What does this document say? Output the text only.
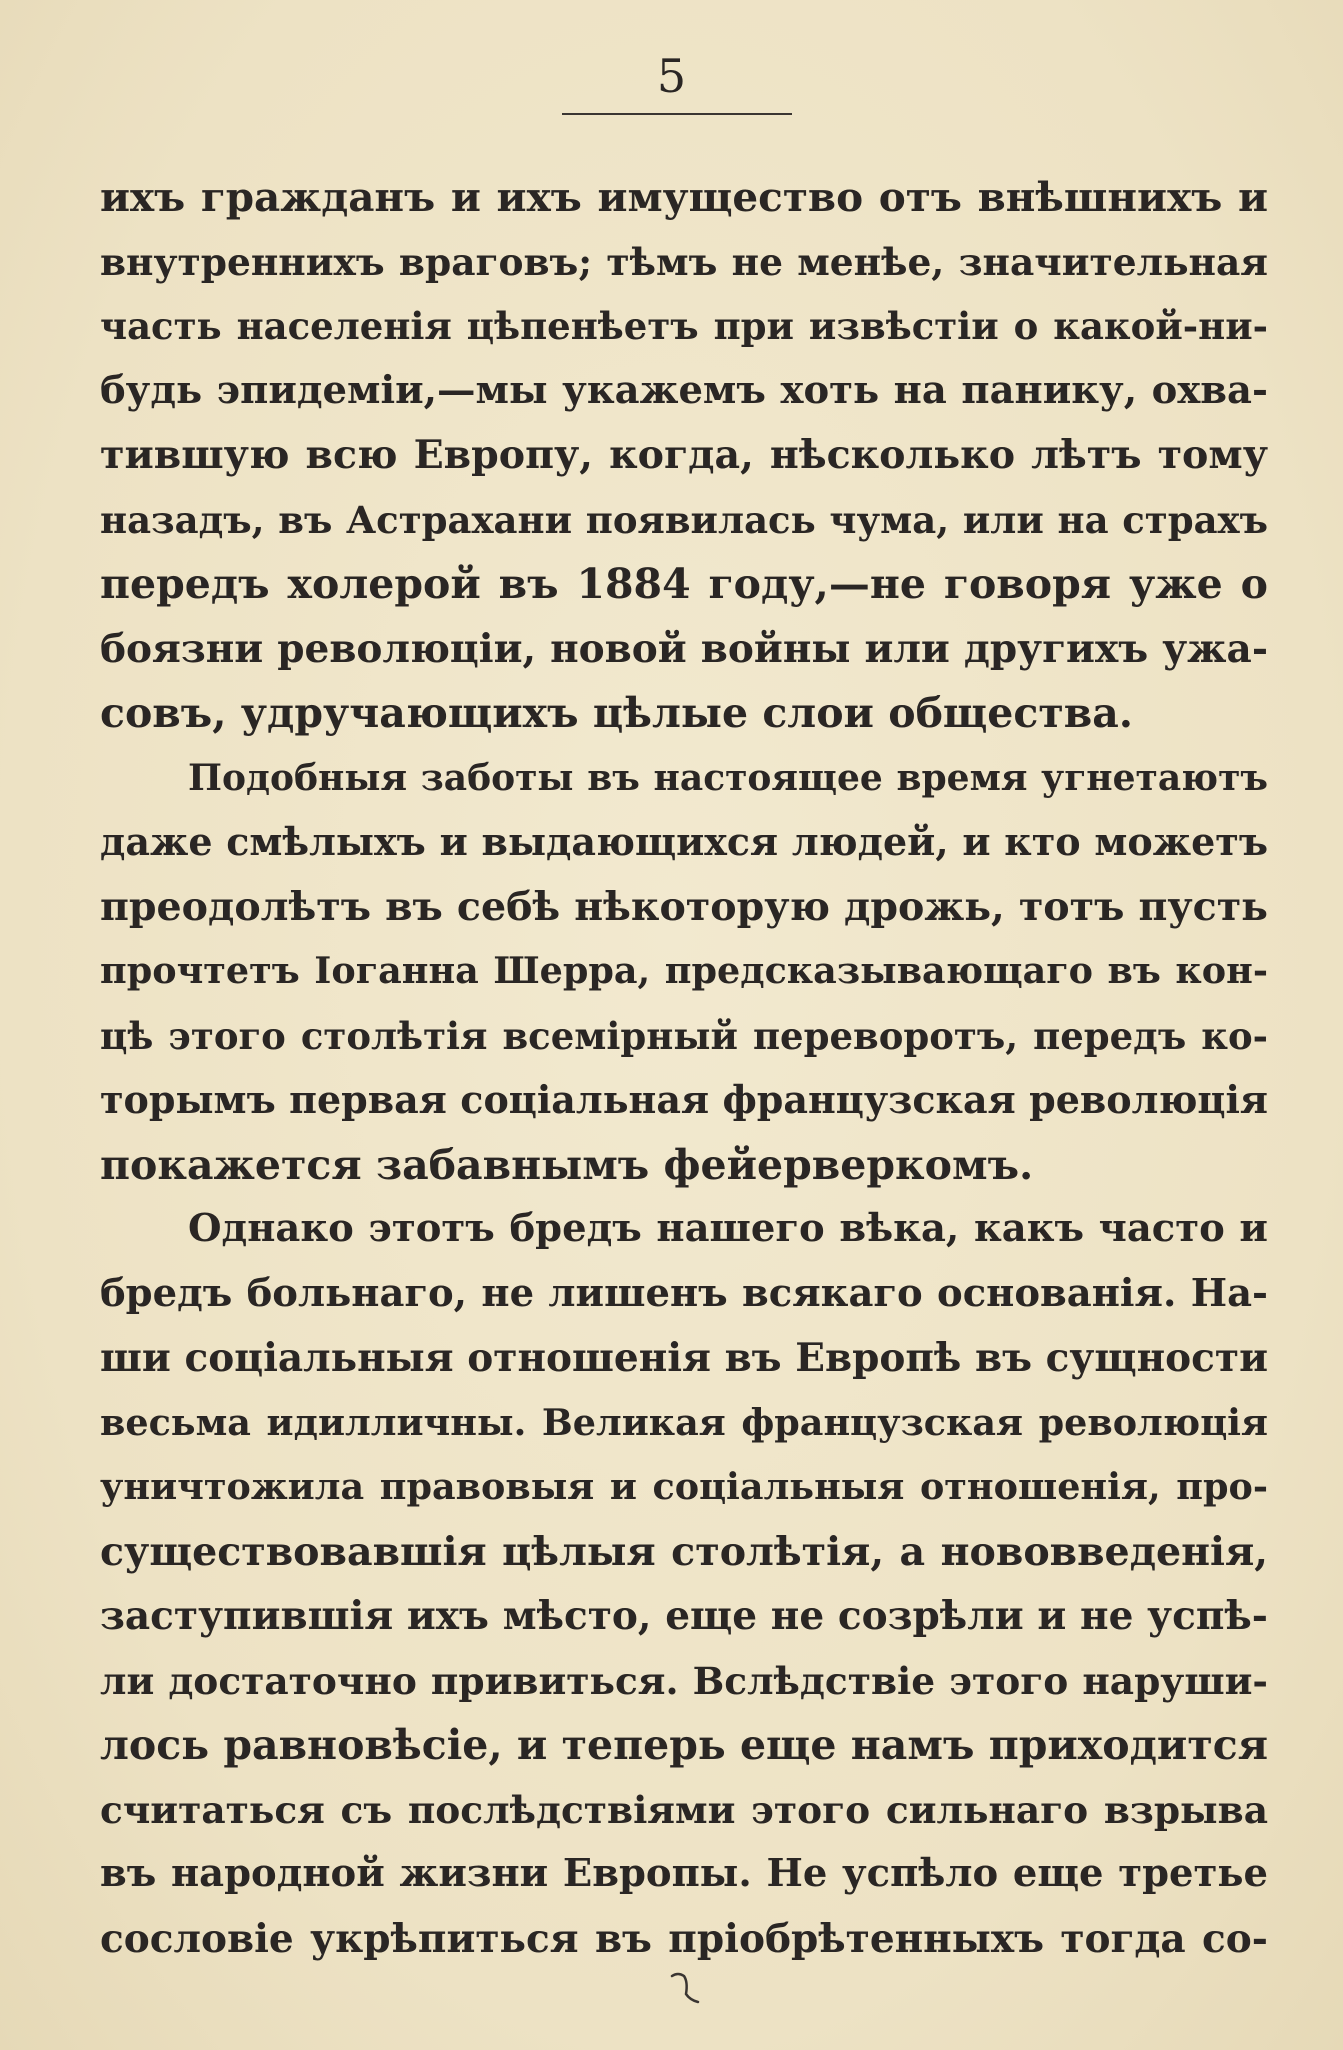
5
ихъ гражданъ и ихъ имущество отъ внѣшнихъ и
внутреннихъ враговъ; тѣмъ не менѣе, значительная
часть населенія цѣпенѣетъ при извѣстіи о какой-ни-
будь эпидеміи,—мы укажемъ хоть на панику, охва-
тившую всю Европу, когда, нѣсколько лѣтъ тому
назадъ, въ Астрахани появилась чума, или на страхъ
передъ холерой въ 1884 году,—не говоря уже о
боязни революціи, новой войны или другихъ ужа-
совъ, удручающихъ цѣлые слои общества.
Подобныя заботы въ настоящее время угнетаютъ
даже смѣлыхъ и выдающихся людей, и кто можетъ
преодолѣтъ въ себѣ нѣкоторую дрожь, тотъ пусть
прочтетъ Іоганна Шерра, предсказывающаго въ кон-
цѣ этого столѣтія всеміpный переворотъ, передъ ко-
торымъ первая соціальная французская революція
покажется забавнымъ фейерверкомъ.
Однако этотъ бредъ нашего вѣка, какъ часто и
бредъ больнаго, не лишенъ всякаго основанія. На-
ши соціальныя отношенія въ Европѣ въ сущности
весьма идилличны. Великая французская революція
уничтожила правовыя и соціальныя отношенія, про-
существовавшія цѣлыя столѣтія, а нововведенія,
заступившія ихъ мѣсто, еще не созрѣли и не успѣ-
ли достаточно привиться. Вслѣдствіе этого наруши-
лось равновѣсіе, и теперь еще намъ приходится
считаться съ послѣдствіями этого сильнаго взрыва
въ народной жизни Европы. Не успѣло еще третье
сословіе укрѣпиться въ пріобрѣтенныхъ тогда со-
